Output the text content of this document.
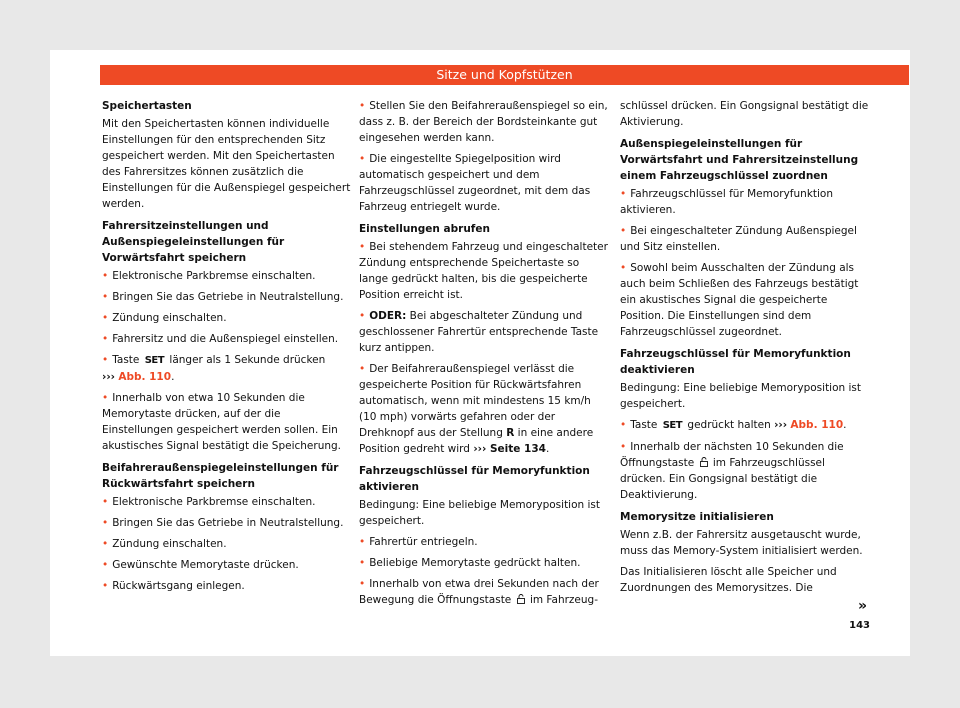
Sitze und Kopfstützen

Speichertasten

Mit den Speichertasten können individuelle Einstellungen für den entsprechenden Sitz gespeichert werden. Mit den Speichertasten des Fahrersitzes können zusätzlich die Einstellungen für die Außenspiegel gespeichert werden.

Fahrersitzeinstellungen und Außenspiegeleinstellungen für Vorwärtsfahrt speichern

• Elektronische Parkbremse einschalten.

• Bringen Sie das Getriebe in Neutralstellung.

• Zündung einschalten.

• Fahrersitz und die Außenspiegel einstellen.

• Taste SET länger als 1 Sekunde drücken
››› Abb. 110.

• Innerhalb von etwa 10 Sekunden die Memorytaste drücken, auf der die Einstellungen gespeichert werden sollen. Ein akustisches Signal bestätigt die Speicherung.

Beifahreraußenspiegeleinstellungen für Rückwärtsfahrt speichern

• Elektronische Parkbremse einschalten.

• Bringen Sie das Getriebe in Neutralstellung.

• Zündung einschalten.

• Gewünschte Memorytaste drücken.

• Rückwärtsgang einlegen.

• Stellen Sie den Beifahreraußenspiegel so ein, dass z. B. der Bereich der Bordsteinkante gut eingesehen werden kann.

• Die eingestellte Spiegelposition wird automatisch gespeichert und dem Fahrzeugschlüssel zugeordnet, mit dem das Fahrzeug entriegelt wurde.

Einstellungen abrufen

• Bei stehendem Fahrzeug und eingeschalteter Zündung entsprechende Speichertaste so lange gedrückt halten, bis die gespeicherte Position erreicht ist.

• ODER: Bei abgeschalteter Zündung und geschlossener Fahrertür entsprechende Taste kurz antippen.

• Der Beifahreraußenspiegel verlässt die gespeicherte Position für Rückwärtsfahren automatisch, wenn mit mindestens 15 km/h (10 mph) vorwärts gefahren oder der Drehknopf aus der Stellung R in eine andere Position gedreht wird ››› Seite 134.

Fahrzeugschlüssel für Memoryfunktion aktivieren

Bedingung: Eine beliebige Memoryposition ist gespeichert.

• Fahrertür entriegeln.

• Beliebige Memorytaste gedrückt halten.

• Innerhalb von etwa drei Sekunden nach der Bewegung die Öffnungstaste im Fahrzeug-

schlüssel drücken. Ein Gongsignal bestätigt die Aktivierung.

Außenspiegeleinstellungen für Vorwärtsfahrt und Fahrersitzeinstellung einem Fahrzeugschlüssel zuordnen

• Fahrzeugschlüssel für Memoryfunktion aktivieren.

• Bei eingeschalteter Zündung Außenspiegel und Sitz einstellen.

• Sowohl beim Ausschalten der Zündung als auch beim Schließen des Fahrzeugs bestätigt ein akustisches Signal die gespeicherte Position. Die Einstellungen sind dem Fahrzeugschlüssel zugeordnet.

Fahrzeugschlüssel für Memoryfunktion deaktivieren

Bedingung: Eine beliebige Memoryposition ist gespeichert.

• Taste SET gedrückt halten ››› Abb. 110.

• Innerhalb der nächsten 10 Sekunden die Öffnungstaste im Fahrzeugschlüssel drücken. Ein Gongsignal bestätigt die Deaktivierung.

Memorysitze initialisieren

Wenn z.B. der Fahrersitz ausgetauscht wurde, muss das Memory-System initialisiert werden.

Das Initialisieren löscht alle Speicher und Zuordnungen des Memorysitzes. Die

»
143
